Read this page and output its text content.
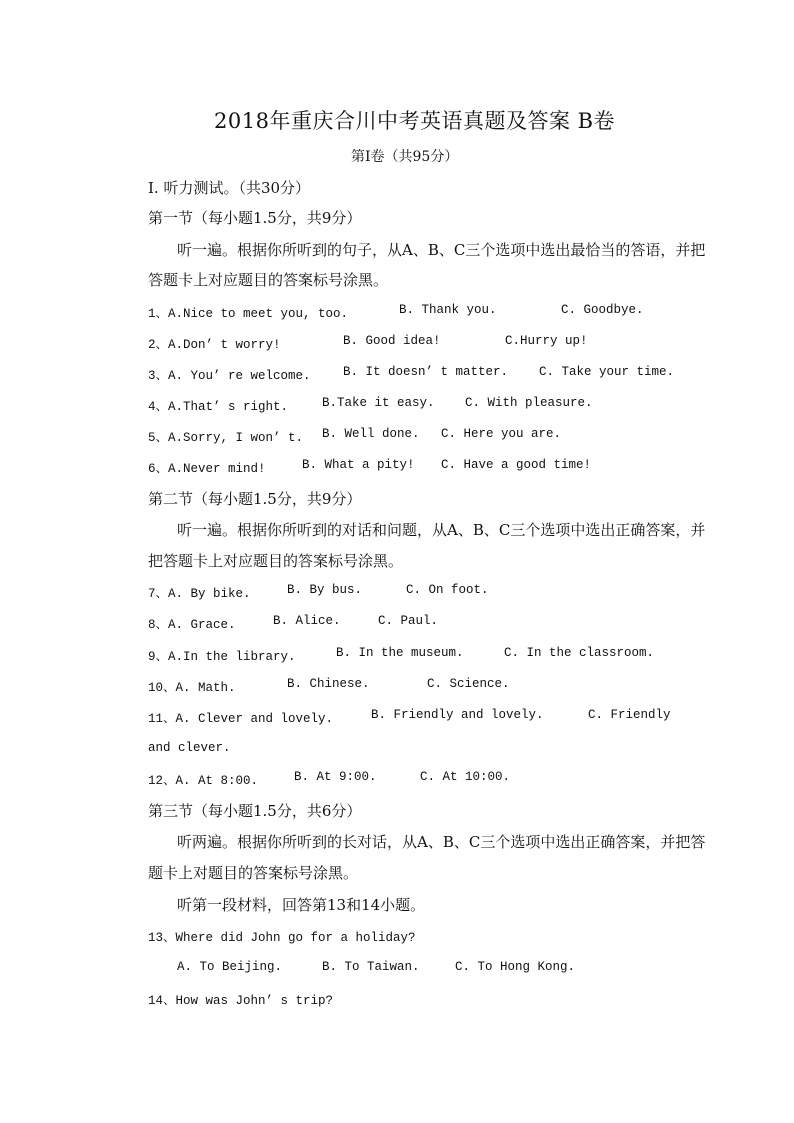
2018年重庆合川中考英语真题及答案 B卷
第Ⅰ卷（共95分）
I. 听力测试。（共30分）
第一节（每小题1.5分，共9分）
听一遍。根据你所听到的句子，从A、B、C三个选项中选出最恰当的答语，并把
答题卡上对应题目的答案标号涂黑。
1、A.Nice to meet you, too.	B. Thank you.	C. Goodbye.
2、A.Don’ t worry!	B. Good idea!	C.Hurry up!
3、A. You’ re welcome.	B. It doesn’ t matter. C. Take your time.
4、A.That’ s right.	B.Take it easy. C. With pleasure.
5、A.Sorry, I won’ t. B. Well done. C. Here you are.
6、A.Never mind!	B. What a pity! C. Have a good time!
第二节（每小题1.5分，共9分）
听一遍。根据你所听到的对话和问题，从A、B、C三个选项中选出正确答案，并
把答题卡上对应题目的答案标号涂黑。
7、A. By bike.	B. By bus.	C. On foot.
8、A. Grace.	B. Alice.	C. Paul.
9、A.In the library.	B. In the museum.	C. In the classroom.
10、A. Math.	B. Chinese.	C. Science.
11、A. Clever and lovely.	B. Friendly and lovely.	C. Friendly
and clever.
12、A. At 8:00.	B. At 9:00.	C. At 10:00.
第三节（每小题1.5分，共6分）
听两遍。根据你所听到的长对话，从A、B、C三个选项中选出正确答案，并把答
题卡上对题目的答案标号涂黑。
听第一段材料，回答第13和14小题。
13、Where did John go for a holiday?
A. To Beijing.	B. To Taiwan.	C. To Hong Kong.
14、How was John’ s trip?
